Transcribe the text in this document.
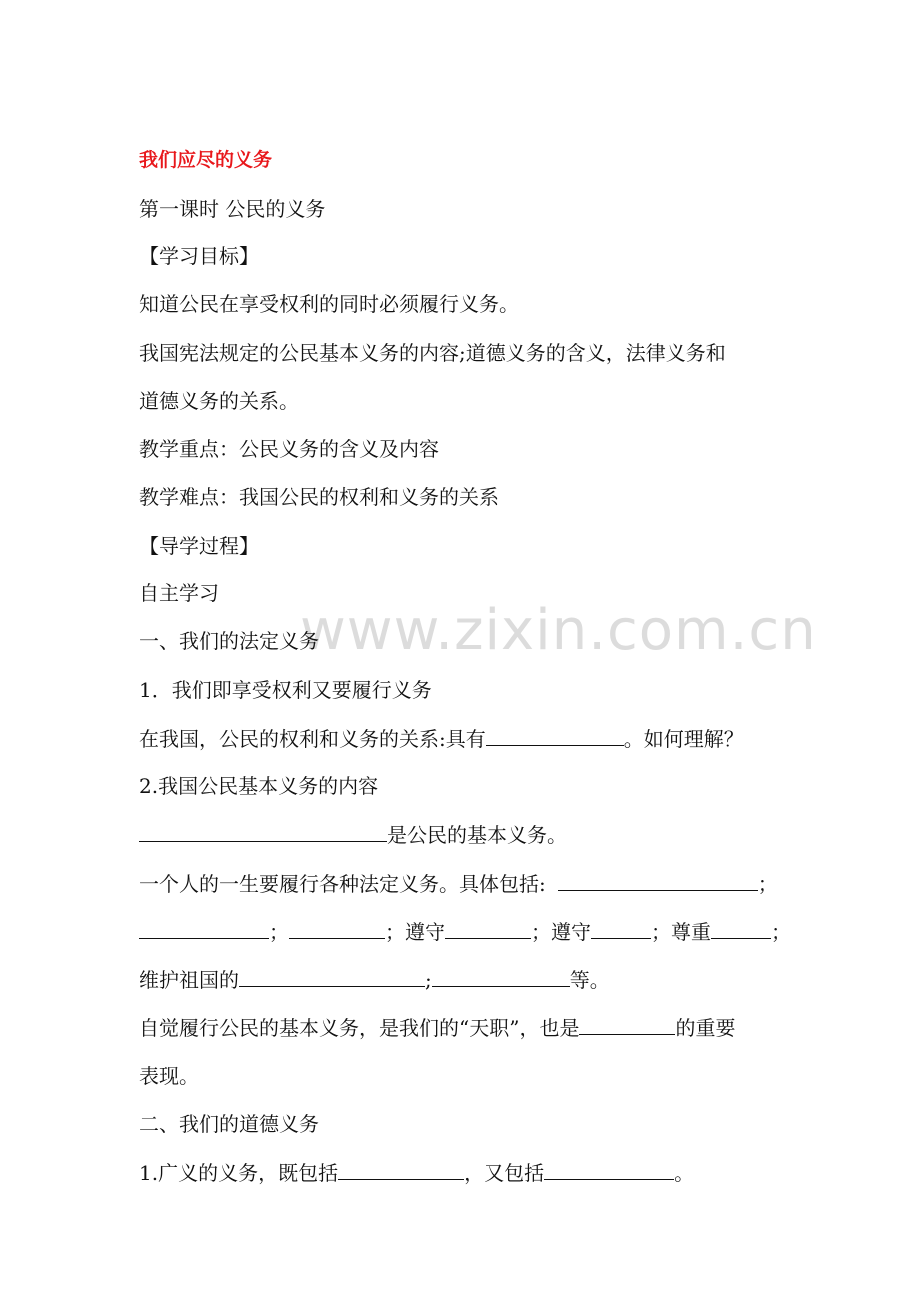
www.zixin.com.cn
我们应尽的义务
第一课时 公民的义务
【学习目标】
知道公民在享受权利的同时必须履行义务。
我国宪法规定的公民基本义务的内容;道德义务的含义，法律义务和
道德义务的关系。
教学重点：公民义务的含义及内容
教学难点：我国公民的权利和义务的关系
【导学过程】
自主学习
一、我们的法定义务
1．我们即享受权利又要履行义务
在我国，公民的权利和义务的关系:具有	。如何理解？
2.我国公民基本义务的内容
是公民的基本义务。
一个人的一生要履行各种法定义务。具体包括:	；
；	；遵守	；遵守	；尊重	；
维护祖国的	;	等。
自觉履行公民的基本义务，是我们的“天职”，也是	的重要
表现。
二、我们的道德义务
1.广义的义务，既包括	，又包括	。
